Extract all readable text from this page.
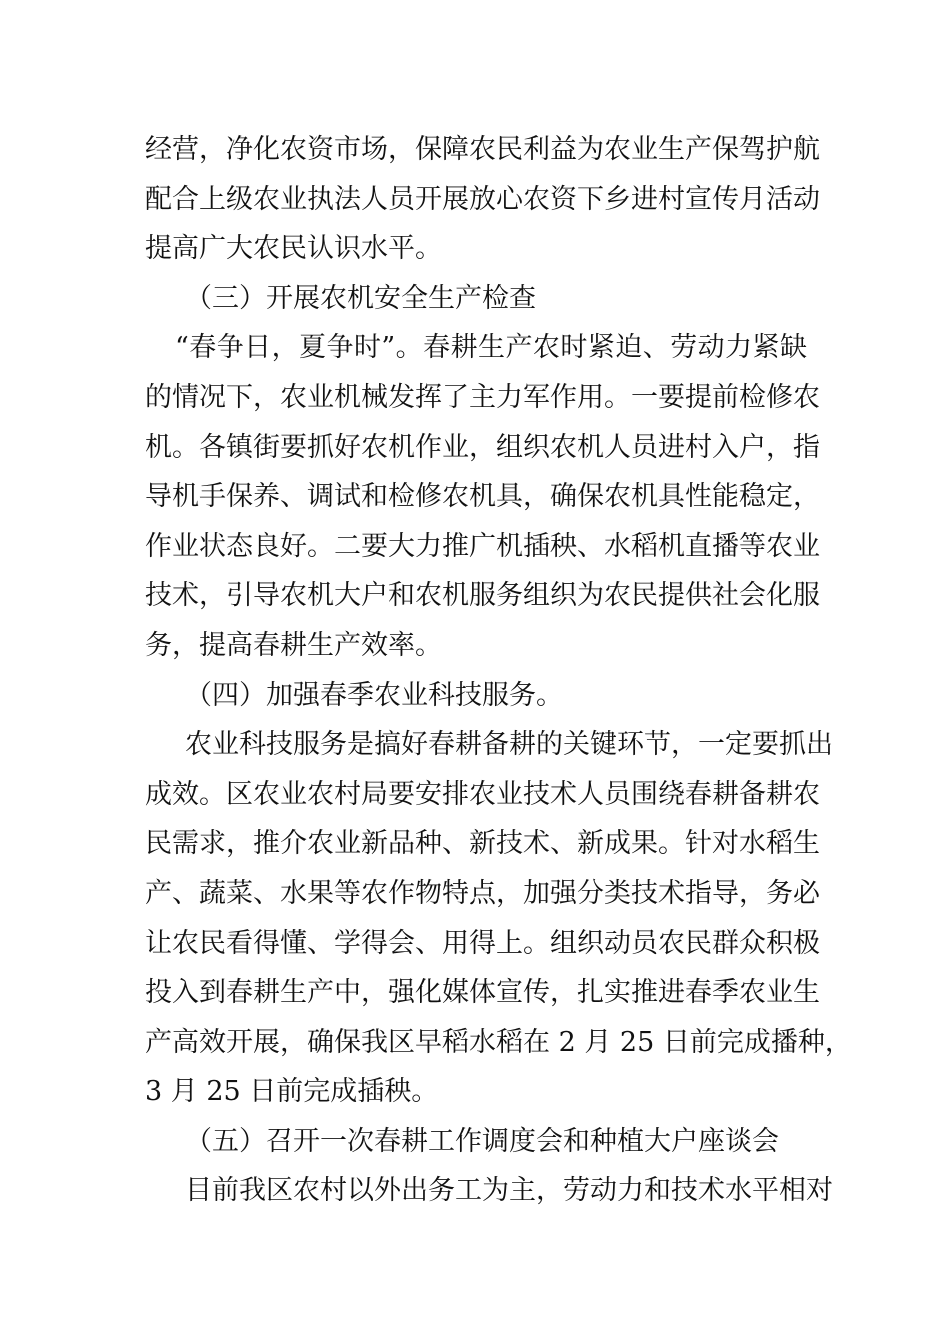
经营，净化农资市场，保障农民利益为农业生产保驾护航
配合上级农业执法人员开展放心农资下乡进村宣传月活动
提高广大农民认识水平。
（三）开展农机安全生产检查
“春争日，夏争时”。春耕生产农时紧迫、劳动力紧缺
的情况下，农业机械发挥了主力军作用。一要提前检修农
机。各镇街要抓好农机作业，组织农机人员进村入户，指
导机手保养、调试和检修农机具，确保农机具性能稳定，
作业状态良好。二要大力推广机插秧、水稻机直播等农业
技术，引导农机大户和农机服务组织为农民提供社会化服
务，提高春耕生产效率。
（四）加强春季农业科技服务。
农业科技服务是搞好春耕备耕的关键环节，一定要抓出
成效。区农业农村局要安排农业技术人员围绕春耕备耕农
民需求，推介农业新品种、新技术、新成果。针对水稻生
产、蔬菜、水果等农作物特点，加强分类技术指导，务必
让农民看得懂、学得会、用得上。组织动员农民群众积极
投入到春耕生产中，强化媒体宣传，扎实推进春季农业生
产高效开展，确保我区早稻水稻在 2 月 25 日前完成播种，
3 月 25 日前完成插秧。
（五）召开一次春耕工作调度会和种植大户座谈会
目前我区农村以外出务工为主，劳动力和技术水平相对
